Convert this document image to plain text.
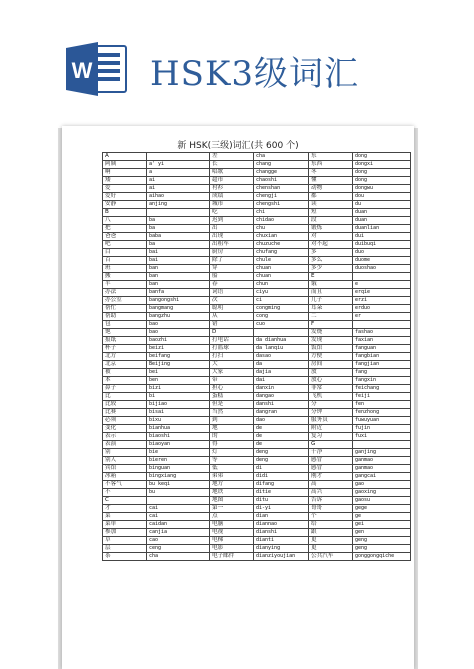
W HSK3级词汇
新 HSK(三级)词汇(共 600 个)
A		差	cha	东	dong
阿姨	a' yi	长	chang	东西	dongxi
啊	a	唱歌	changge	冬	dong
矮	ai	超市	chaoshi	懂	dong
爱	ai	衬衫	chenshan	动物	dongwu
爱好	aihao	成绩	chengji	都	dou
安静	anjing	城市	chengshi	读	du
B		吃	chi	短	duan
八	ba	迟到	chidao	段	duan
把	ba	出	chu	锻炼	duanlian
爸爸	baba	出现	chuxian	对	dui
吧	ba	出租车	chuzuche	对不起	duibuqi
白	bai	厨房	chufang	多	duo
百	bai	除了	chule	多么	duome
班	ban	穿	chuan	多少	duoshao
搬	ban	船	chuan	E	
半	ban	春	chun	饿	e
办法	banfa	词语	ciyu	而且	erqie
办公室	bangongshi	次	ci	儿子	erzi
帮忙	bangmang	聪明	congming	耳朵	erduo
帮助	bangzhu	从	cong	二	er
包	bao	错	cuo	F	
饱	bao	D		发烧	fashao
报纸	baozhi	打电话	da dianhua	发现	faxian
杯子	beizi	打篮球	da lanqiu	饭馆	fanguan
北方	beifang	打扫	dasao	方便	fangbian
北京	Beijing	大	da	房间	fangjian
被	bei	大家	dajia	放	fang
本	ben	带	dai	放心	fangxin
鼻子	bizi	担心	danxin	非常	feichang
比	bi	蛋糕	dangao	飞机	feiji
比较	bijiao	但是	danshi	分	fen
比赛	bisai	当然	dangran	分钟	fenzhong
必须	bixu	到	dao	服务员	fuwuyuan
变化	bianhua	地	de	附近	fujin
表示	biaoshi	的	de	复习	fuxi
表演	biaoyan	得	de	G	
别	bie	灯	deng	干净	ganjing
别人	bieren	等	deng	感冒	ganmao
宾馆	binguan	低	di	感冒	ganmao
冰箱	bingxiang	弟弟	didi	刚才	gangcai
不客气	bu keqi	地方	difang	高	gao
不	bu	地铁	ditie	高兴	gaoxing
C		地图	ditu	告诉	gaosu
才	cai	第一	di-yi	哥哥	gege
菜	cai	点	dian	个	ge
菜单	caidan	电脑	diannao	给	gei
参加	canjia	电视	dianshi	跟	gen
草	cao	电梯	dianti	更	geng
层	ceng	电影	dianying	更	geng
茶	cha	电子邮件	dianziyoujian	公共汽车	gonggongqiche
